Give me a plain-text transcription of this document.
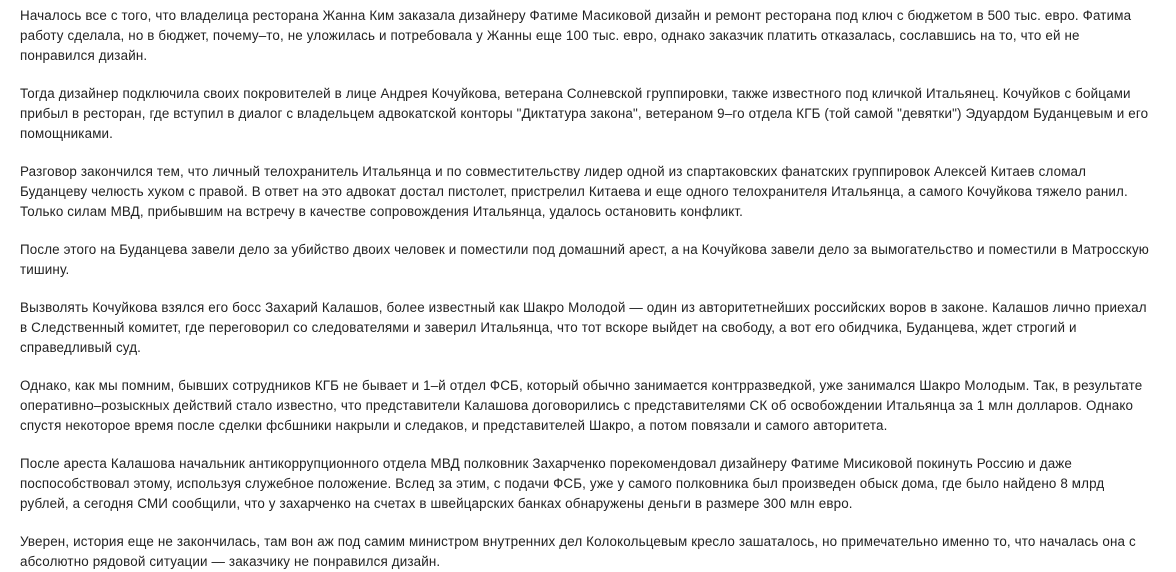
Началось все с того, что владелица ресторана Жанна Ким заказала дизайнеру Фатиме Масиковой дизайн и ремонт ресторана под ключ с бюджетом в 500 тыс. евро. Фатима работу сделала, но в бюджет, почему–то, не уложилась и потребовала у Жанны еще 100 тыс. евро, однако заказчик платить отказалась, сославшись на то, что ей не понравился дизайн.

Тогда дизайнер подключила своих покровителей в лице Андрея Кочуйкова, ветерана Солневской группировки, также известного под кличкой Итальянец. Кочуйков с бойцами прибыл в ресторан, где вступил в диалог с владельцем адвокатской конторы "Диктатура закона", ветераном 9–го отдела КГБ (той самой "девятки") Эдуардом Буданцевым и его помощниками.

Разговор закончился тем, что личный телохранитель Итальянца и по совместительству лидер одной из спартаковских фанатских группировок Алексей Китаев сломал Буданцеву челюсть хуком с правой. В ответ на это адвокат достал пистолет, пристрелил Китаева и еще одного телохранителя Итальянца, а самого Кочуйкова тяжело ранил. Только силам МВД, прибывшим на встречу в качестве сопровождения Итальянца, удалось остановить конфликт.

После этого на Буданцева завели дело за убийство двоих человек и поместили под домашний арест, а на Кочуйкова завели дело за вымогательство и поместили в Матросскую тишину.

Вызволять Кочуйкова взялся его босс Захарий Калашов, более известный как Шакро Молодой — один из авторитетнейших российских воров в законе. Калашов лично приехал в Следственный комитет, где переговорил со следователями и заверил Итальянца, что тот вскоре выйдет на свободу, а вот его обидчика, Буданцева, ждет строгий и справедливый суд.

Однако, как мы помним, бывших сотрудников КГБ не бывает и 1–й отдел ФСБ, который обычно занимается контрразведкой, уже занимался Шакро Молодым. Так, в результате оперативно–розыскных действий стало известно, что представители Калашова договорились с представителями СК об освобождении Итальянца за 1 млн долларов. Однако спустя некоторое время после сделки фсбшники накрыли и следаков, и представителей Шакро, а потом повязали и самого авторитета.

После ареста Калашова начальник антикоррупционного отдела МВД полковник Захарченко порекомендовал дизайнеру Фатиме Мисиковой покинуть Россию и даже поспособствовал этому, используя служебное положение. Вслед за этим, с подачи ФСБ, уже у самого полковника был произведен обыск дома, где было найдено 8 млрд рублей, а сегодня СМИ сообщили, что у захарченко на счетах в швейцарских банках обнаружены деньги в размере 300 млн евро.

Уверен, история еще не закончилась, там вон аж под самим министром внутренних дел Колокольцевым кресло зашаталось, но примечательно именно то, что началась она с абсолютно рядовой ситуации — заказчику не понравился дизайн.
